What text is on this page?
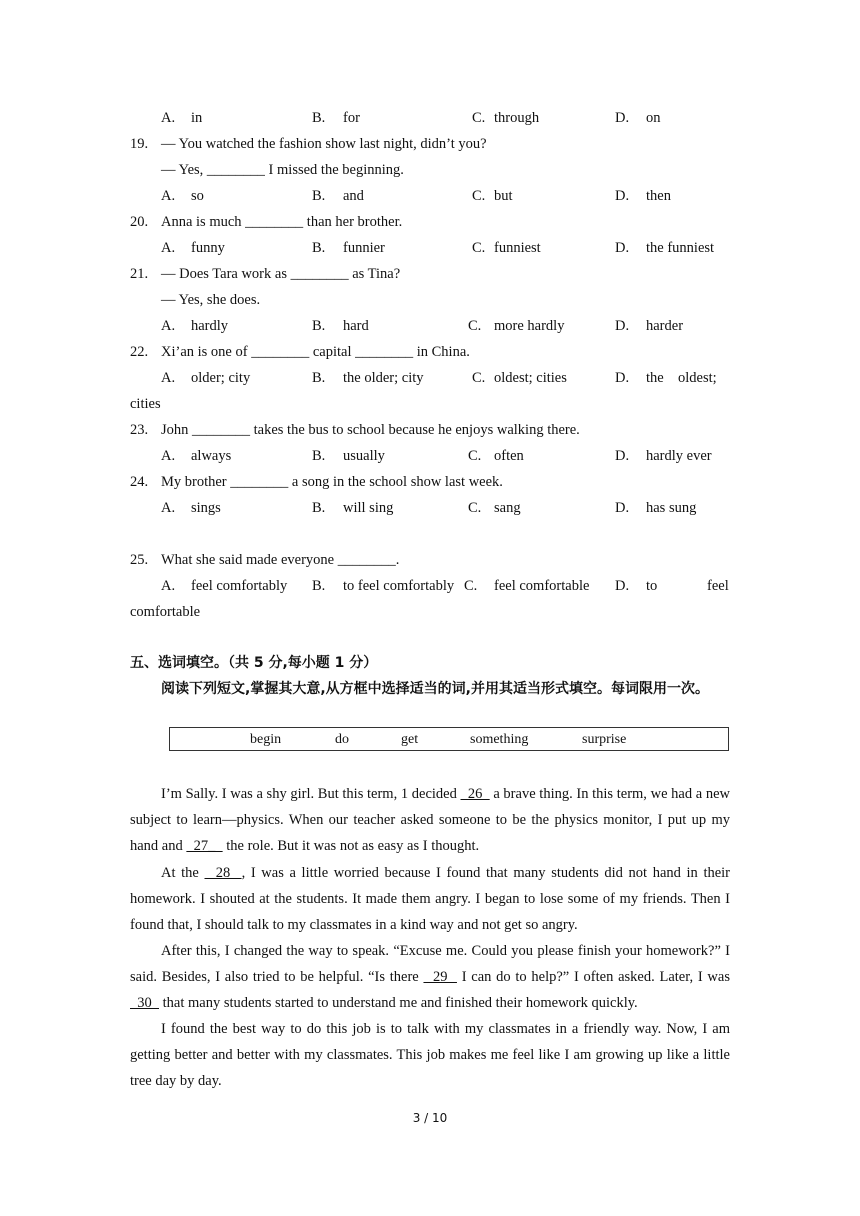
A. in	B. for	C. through	D. on
19. — You watched the fashion show last night, didn’t you?
— Yes, ________ I missed the beginning.
A. so	B. and	C. but	D. then
20. Anna is much ________ than her brother.
A. funny	B. funnier	C. funniest	D. the funniest
21. — Does Tara work as ________ as Tina?
— Yes, she does.
A. hardly	B. hard	C. more hardly	D. harder
22. Xi’an is one of ________ capital ________ in China.
A. older; city	B. the older; city	C. oldest; cities	D. the oldest;
cities
23. John ________ takes the bus to school because he enjoys walking there.
A. always	B. usually	C. often	D. hardly ever
24. My brother ________ a song in the school show last week.
A. sings	B. will sing	C. sang	D. has sung
25. What she said made everyone ________.
A. feel comfortably B. to feel comfortably C. feel comfortable D. to	feel
comfortable
五、选词填空。（共 5 分,每小题 1 分）
阅读下列短文,掌握其大意,从方框中选择适当的词,并用其适当形式填空。每词限用一次。
begin	do	get	something	surprise
I’m Sally. I was a shy girl. But this term, 1 decided   26   a brave thing. In this term, we had a new subject to learn—physics. When our teacher asked someone to be the physics monitor, I put up my hand and   27_   the role. But it was not as easy as I thought.
At the   28  , I was a little worried because I found that many students did not hand in their homework. I shouted at the students. It made them angry. I began to lose some of my friends. Then I found that, I should talk to my classmates in a kind way and not get so angry.
After this, I changed the way to speak. “Excuse me. Could you please finish your homework?” I said. Besides, I also tried to be helpful. “Is there   29   I can do to help?” I often asked. Later, I was   30   that many students started to understand me and finished their homework quickly.
I found the best way to do this job is to talk with my classmates in a friendly way. Now, I am getting better and better with my classmates. This job makes me feel like I am growing up like a little tree day by day.
3 / 10
